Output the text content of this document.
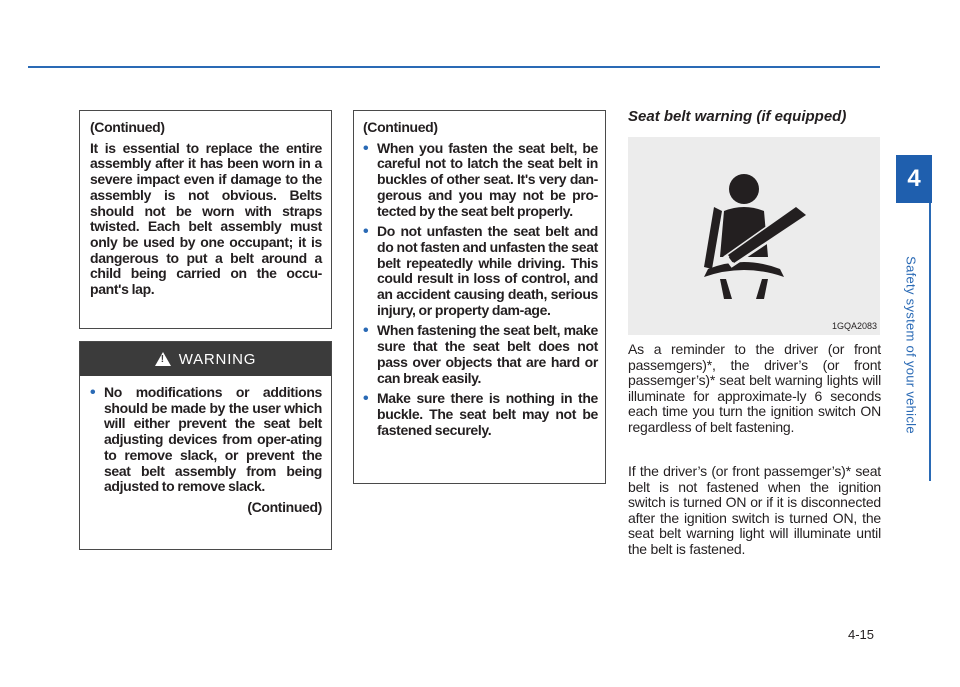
4
Safety system of your vehicle

(Continued)

It is essential to replace the entire assembly after it has been worn in a severe impact even if damage to the assembly is not obvious. Belts should not be worn with straps twisted. Each belt assembly must only be used by one occupant; it is dangerous to put a belt around a child being carried on the occu-pant's lap.

! WARNING
• No modifications or additions should be made by the user which will either prevent the seat belt adjusting devices from oper-ating to remove slack, or prevent the seat belt assembly from being adjusted to remove slack.

(Continued)

(Continued)

• When you fasten the seat belt, be careful not to latch the seat belt in buckles of other seat. It's very dan-gerous and you may not be pro-tected by the seat belt properly.
• Do not unfasten the seat belt and do not fasten and unfasten the seat belt repeatedly while driving. This could result in loss of control, and an accident causing death, serious injury, or property dam-age.
• When fastening the seat belt, make sure that the seat belt does not pass over objects that are hard or can break easily.
• Make sure there is nothing in the buckle. The seat belt may not be fastened securely.
Seat belt warning (if equipped)
1GQA2083

As a reminder to the driver (or front passemgers)*, the driver’s (or front passemger’s)* seat belt warning lights will illuminate for approximate-ly 6 seconds each time you turn the ignition switch ON regardless of belt fastening.

If the driver’s (or front passemger’s)* seat belt is not fastened when the ignition switch is turned ON or if it is disconnected after the ignition switch is turned ON, the seat belt warning light will illuminate until the belt is fastened.

4-15
